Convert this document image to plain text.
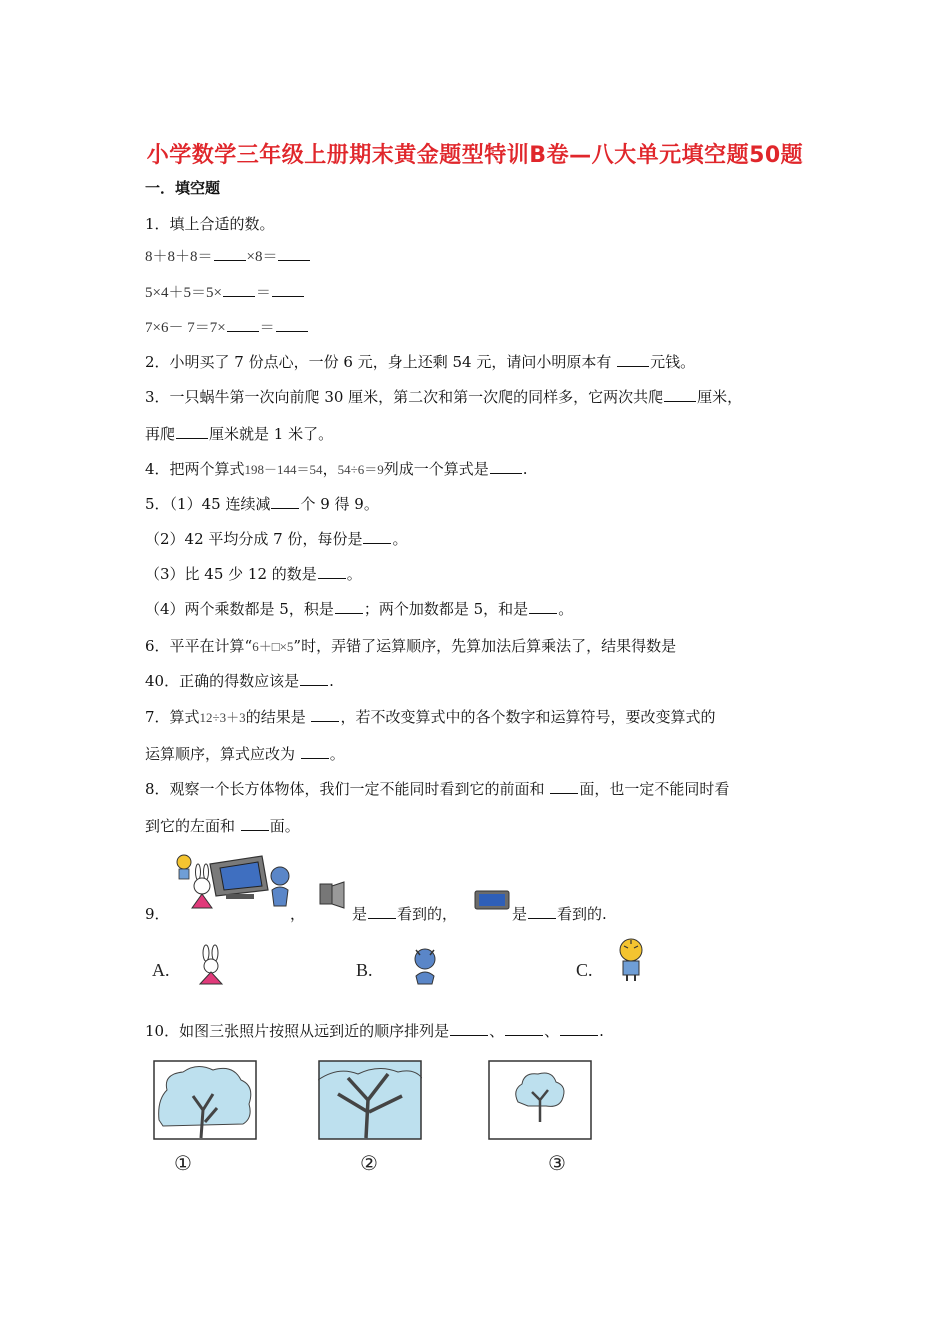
小学数学三年级上册期末黄金题型特训B卷—八大单元填空题50题
一．填空题
1．填上合适的数。
8＋8＋8＝ ×8＝
5×4＋5＝5× ＝
7×6－ 7＝7× ＝
2．小明买了 7 份点心，一份 6 元，身上还剩 54 元，请问小明原本有 元钱。
3．一只蜗牛第一次向前爬 30 厘米，第二次和第一次爬的同样多，它两次共爬 厘米，
再爬 厘米就是 1 米了。
4．把两个算式198－144＝54，54÷6＝9列成一个算式是 .
5．（1）45 连续减 个 9 得 9。
（2）42 平均分成 7 份，每份是 。
（3）比 45 少 12 的数是 。
（4）两个乘数都是 5，积是 ；两个加数都是 5，和是 。
6．平平在计算“6＋□×5”时，弄错了运算顺序，先算加法后算乘法了，结果得数是
40．正确的得数应该是 .
7．算式12÷3＋3的结果是 ，若不改变算式中的各个数字和运算符号，要改变算式的
运算顺序，算式应改为 。
8．观察一个长方体物体，我们一定不能同时看到它的前面和 面，也一定不能同时看
到它的左面和 面。
9．	，	是 看到的，	是 看到的.
A.	B.	C.
10．如图三张照片按照从远到近的顺序排列是	、	、	.
①	②	③
